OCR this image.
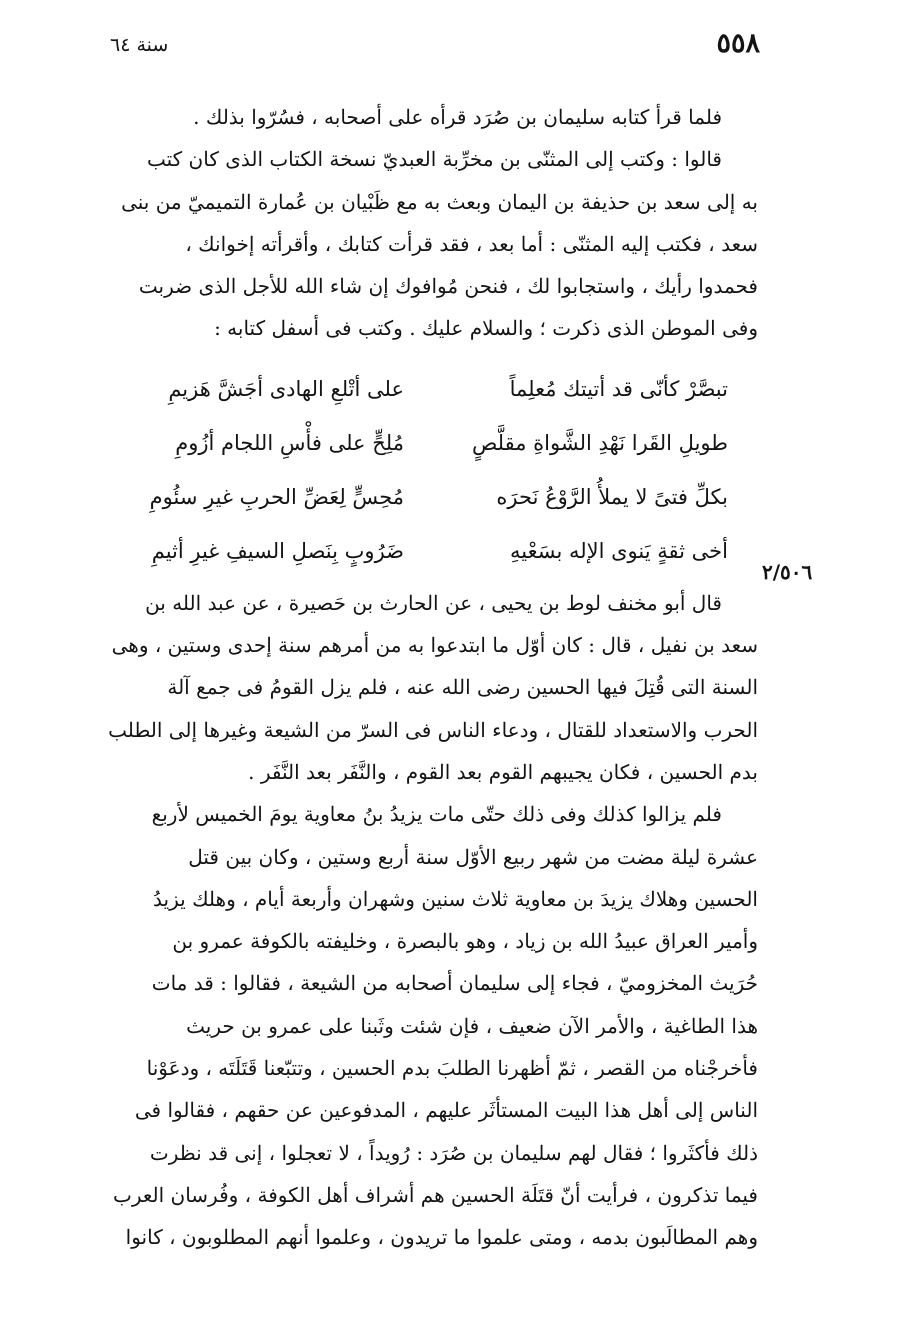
٥٥٨
سنة ٦٤
٢/٥٠٦

فلما قرأ كتابه سليمان بن صُرَد قرأه على أصحابه ، فسُرّوا بذلك .

قالوا : وكتب إلى المثنّى بن مخرِّبة العبديّ نسخة الكتاب الذى كان كتب
به إلى سعد بن حذيفة بن اليمان وبعث به مع ظَبْيان بن عُمارة التميميّ من بنى
سعد ، فكتب إليه المثنّى : أما بعد ، فقد قرأت كتابك ، وأقرأته إخوانك ،
فحمدوا رأيك ، واستجابوا لك ، فنحن مُوافوك إن شاء الله للأجل الذى ضربت
وفى الموطن الذى ذكرت ؛ والسلام عليك . وكتب فى أسفل كتابه :

تبصَّرْ كأنّى قد أتيتك مُعلِماً
على أتْلعِ الهادى أجَشَّ هَزيمِ
طويلِ القَرا نَهْدِ الشَّواةِ مقلَّصٍ
مُلِحٍّ على فأْسِ اللجام أزُومِ
بكلِّ فتىً لا يملأُ الرَّوْعُ نَحرَه
مُحِسٍّ لِعَضِّ الحربِ غيرِ سئُومِ
أخى ثقةٍ يَنوى الإله بسَعْيهِ
ضَرُوبٍ بِنَصلِ السيفِ غيرِ أثيمِ

قال أبو مخنف لوط بن يحيى ، عن الحارث بن حَصيرة ، عن عبد الله بن
سعد بن نفيل ، قال : كان أوّل ما ابتدعوا به من أمرهم سنة إحدى وستين ، وهى
السنة التى قُتِلَ فيها الحسين رضى الله عنه ، فلم يزل القومُ فى جمع آلة
الحرب والاستعداد للقتال ، ودعاء الناس فى السرّ من الشيعة وغيرها إلى الطلب
بدم الحسين ، فكان يجيبهم القوم بعد القوم ، والنَّفَر بعد النَّفَر .

فلم يزالوا كذلك وفى ذلك حتّى مات يزيدُ بنُ معاوية يومَ الخميس لأربع
عشرة ليلة مضت من شهر ربيع الأوّل سنة أربع وستين ، وكان بين قتل
الحسين وهلاك يزيدَ بن معاوية ثلاث سنين وشهران وأربعة أيام ، وهلك يزيدُ
وأمير العراق عبيدُ الله بن زياد ، وهو بالبصرة ، وخليفته بالكوفة عمرو بن
حُرَيث المخزوميّ ، فجاء إلى سليمان أصحابه من الشيعة ، فقالوا : قد مات
هذا الطاغية ، والأمر الآن ضعيف ، فإن شئت وثَبنا على عمرو بن حريث
فأخرجْناه من القصر ، ثمّ أظهرنا الطلبَ بدم الحسين ، وتتبّعنا قَتَلَتَه ، ودعَوْنا
الناس إلى أهل هذا البيت المستأثَر عليهم ، المدفوعين عن حقهم ، فقالوا فى
ذلك فأكثَروا ؛ فقال لهم سليمان بن صُرَد : رُويداً ، لا تعجلوا ، إنى قد نظرت
فيما تذكرون ، فرأيت أنّ قتَلَة الحسين هم أشراف أهل الكوفة ، وفُرسان العرب
وهم المطالَبون بدمه ، ومتى علموا ما تريدون ، وعلموا أنهم المطلوبون ، كانوا
